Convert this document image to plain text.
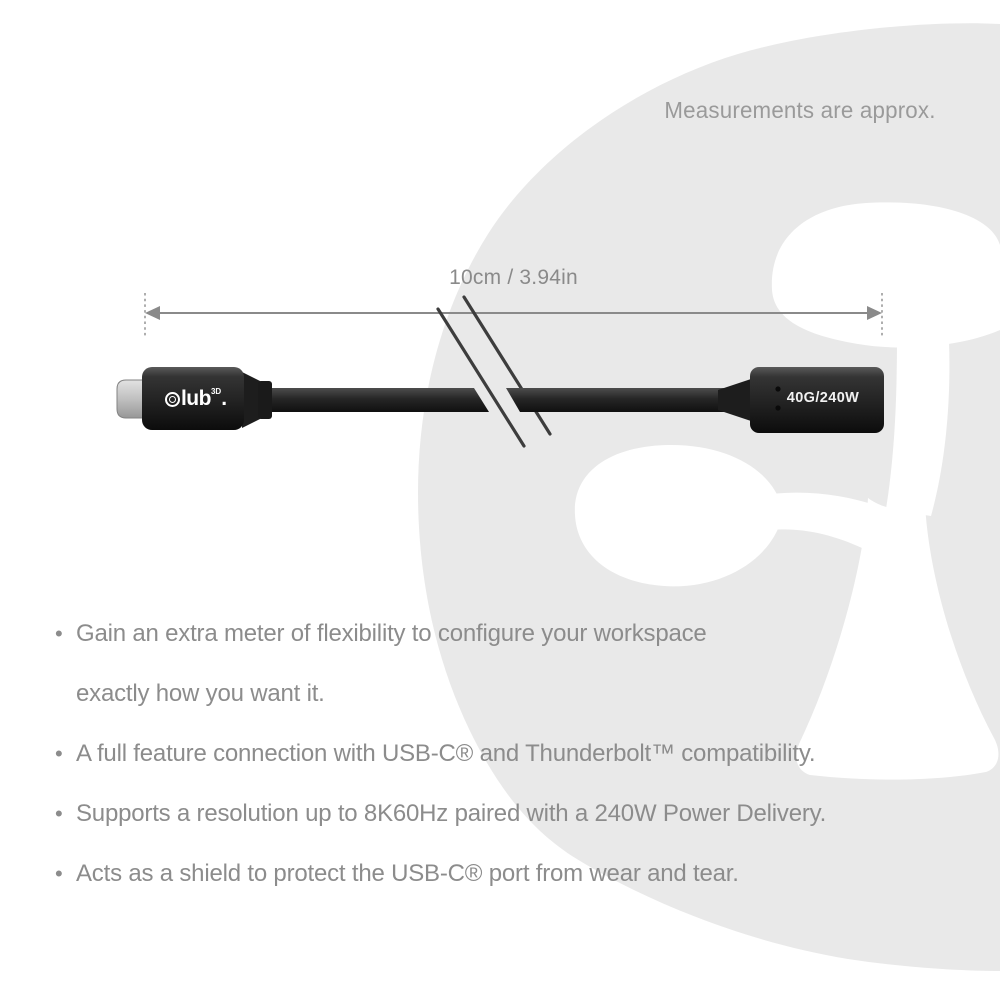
Measurements are approx.
10cm / 3.94in
lub 3D .	40G/240W
• Gain an extra meter of flexibility to configure your workspace
exactly how you want it.
• A full feature connection with USB-C® and Thunderbolt™ compatibility.
• Supports a resolution up to 8K60Hz paired with a 240W Power Delivery.
• Acts as a shield to protect the USB-C® port from wear and tear.
